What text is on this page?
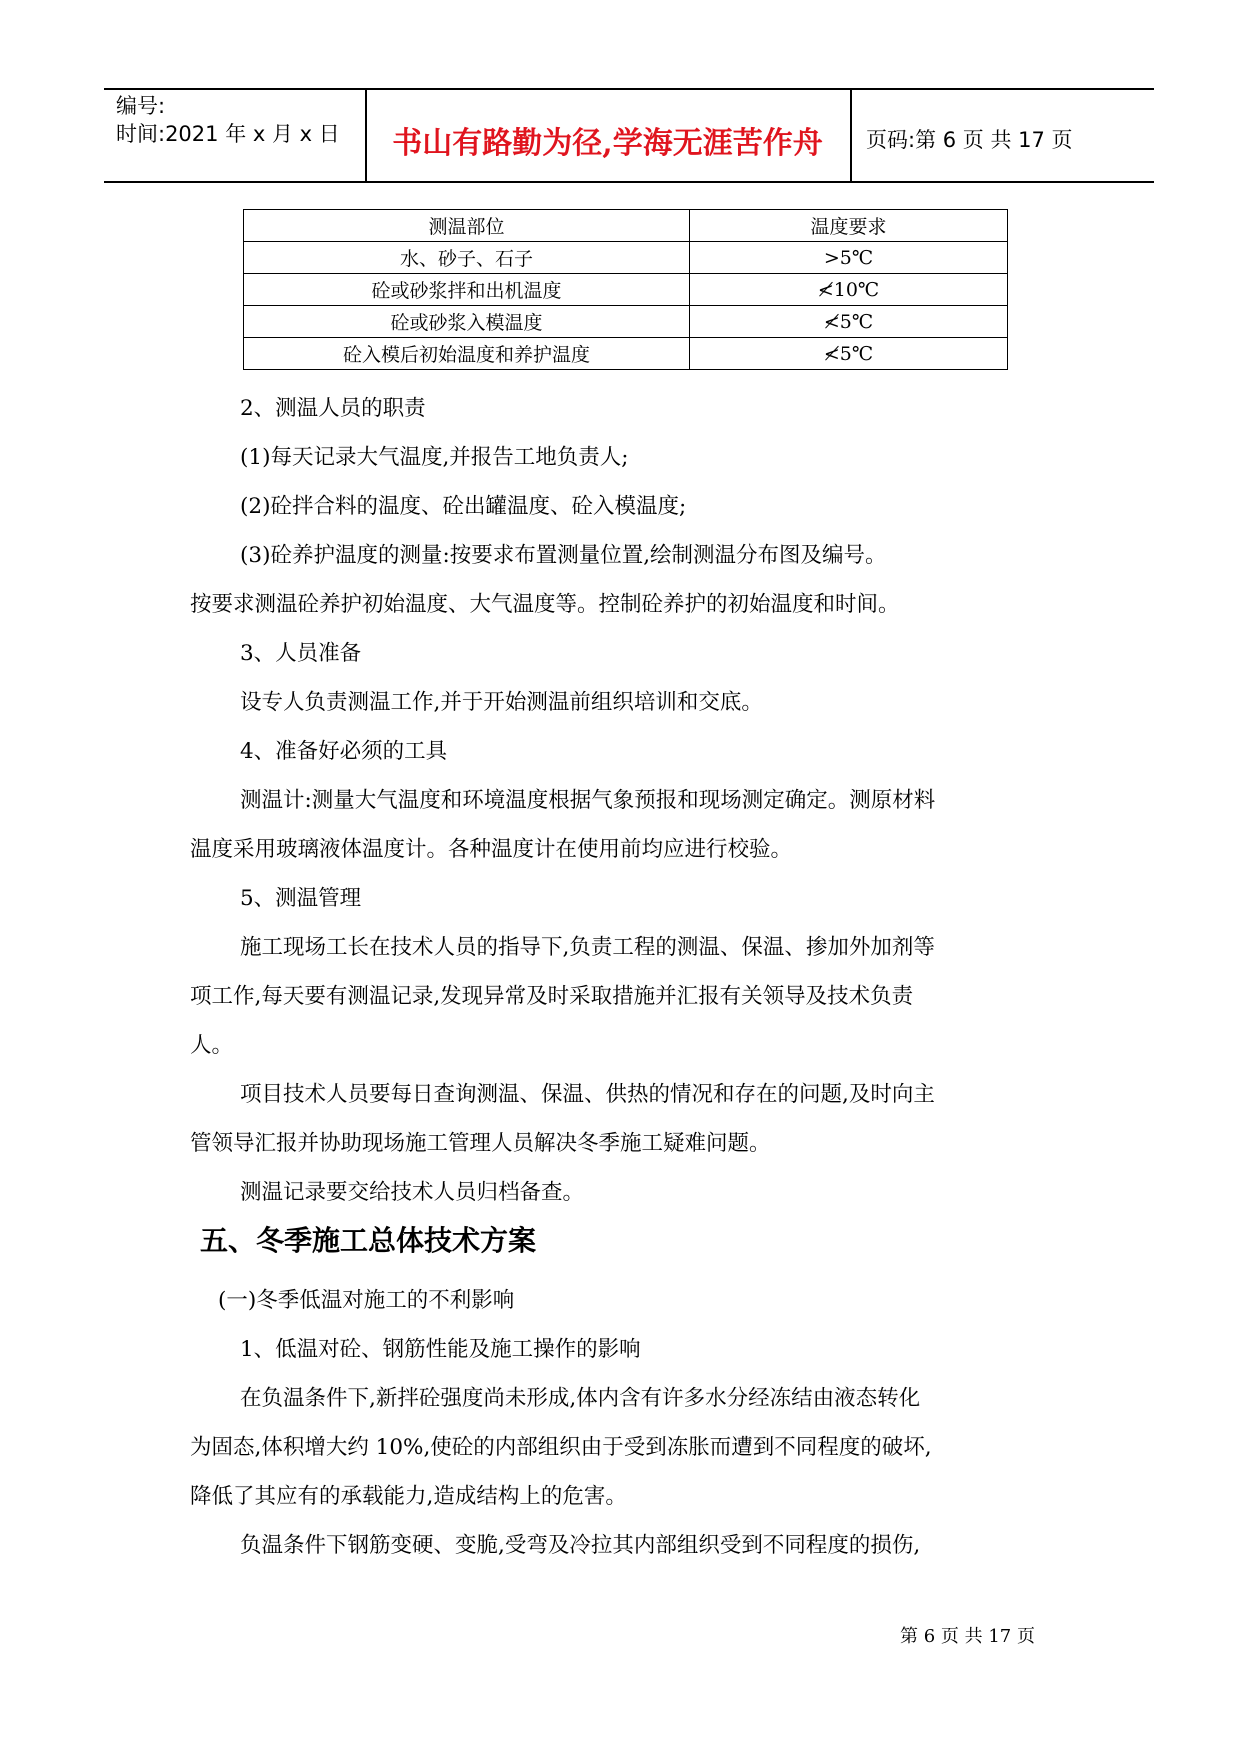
编号:
时间:2021 年 x 月 x 日	书山有路勤为径,学海无涯苦作舟	页码:第 6 页 共 17 页
测温部位	温度要求
水、砂子、石子	>5℃
砼或砂浆拌和出机温度	≮10℃
砼或砂浆入模温度	≮5℃
砼入模后初始温度和养护温度	≮5℃
2、测温人员的职责
(1)每天记录大气温度,并报告工地负责人;
(2)砼拌合料的温度、砼出罐温度、砼入模温度;
(3)砼养护温度的测量:按要求布置测量位置,绘制测温分布图及编号。
按要求测温砼养护初始温度、大气温度等。控制砼养护的初始温度和时间。
3、人员准备
设专人负责测温工作,并于开始测温前组织培训和交底。
4、准备好必须的工具
测温计:测量大气温度和环境温度根据气象预报和现场测定确定。测原材料
温度采用玻璃液体温度计。各种温度计在使用前均应进行校验。
5、测温管理
施工现场工长在技术人员的指导下,负责工程的测温、保温、掺加外加剂等
项工作,每天要有测温记录,发现异常及时采取措施并汇报有关领导及技术负责
人。
项目技术人员要每日查询测温、保温、供热的情况和存在的问题,及时向主
管领导汇报并协助现场施工管理人员解决冬季施工疑难问题。
测温记录要交给技术人员归档备查。
五、冬季施工总体技术方案
(一)冬季低温对施工的不利影响
1、低温对砼、钢筋性能及施工操作的影响
在负温条件下,新拌砼强度尚未形成,体内含有许多水分经冻结由液态转化
为固态,体积增大约 10%,使砼的内部组织由于受到冻胀而遭到不同程度的破坏,
降低了其应有的承载能力,造成结构上的危害。
负温条件下钢筋变硬、变脆,受弯及冷拉其内部组织受到不同程度的损伤,
第 6 页 共 17 页
